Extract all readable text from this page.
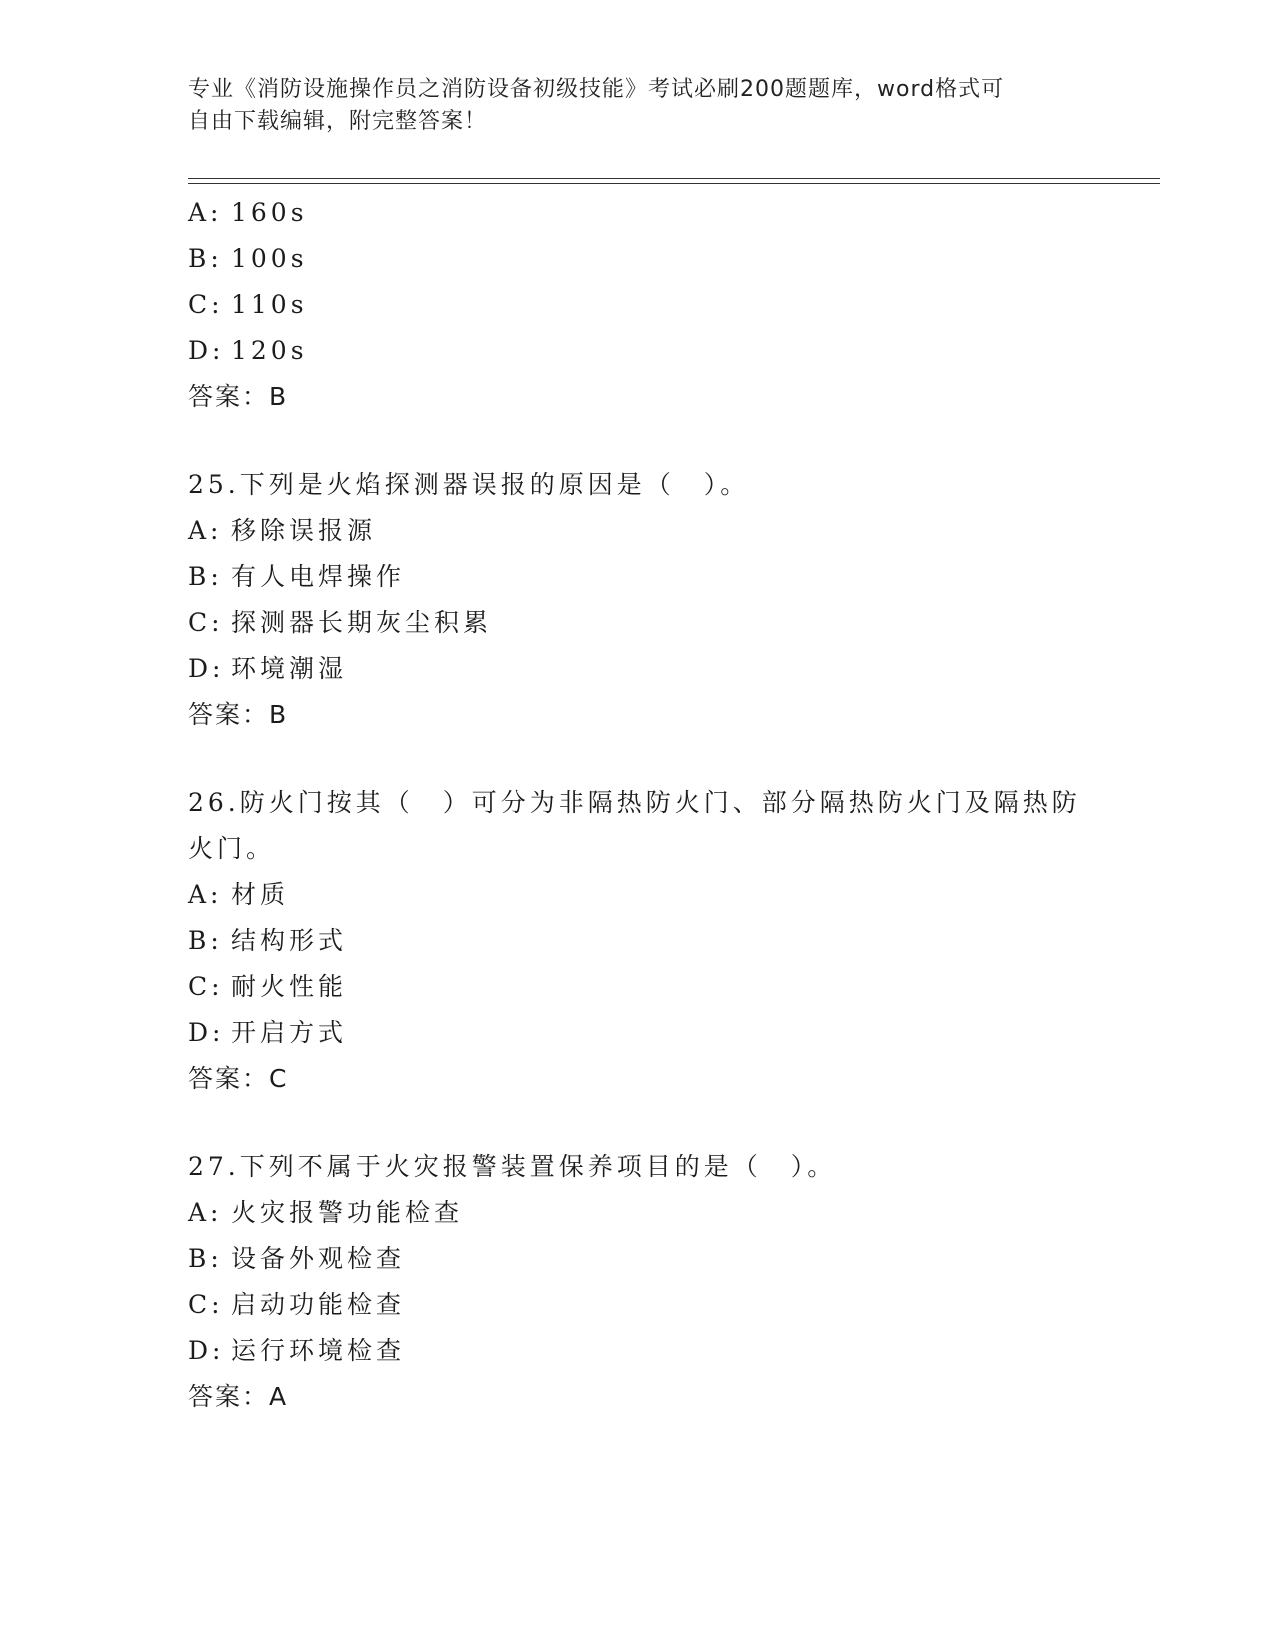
专业《消防设施操作员之消防设备初级技能》考试必刷200题题库，word格式可
自由下载编辑，附完整答案！
A: 160s
B: 100s
C: 110s
D: 120s
答案：B
25.下列是火焰探测器误报的原因是（　）。
A: 移除误报源
B: 有人电焊操作
C: 探测器长期灰尘积累
D: 环境潮湿
答案：B
26.防火门按其（　）可分为非隔热防火门、部分隔热防火门及隔热防
火门。
A: 材质
B: 结构形式
C: 耐火性能
D: 开启方式
答案：C
27.下列不属于火灾报警装置保养项目的是（　）。
A: 火灾报警功能检查
B: 设备外观检查
C: 启动功能检查
D: 运行环境检查
答案：A
